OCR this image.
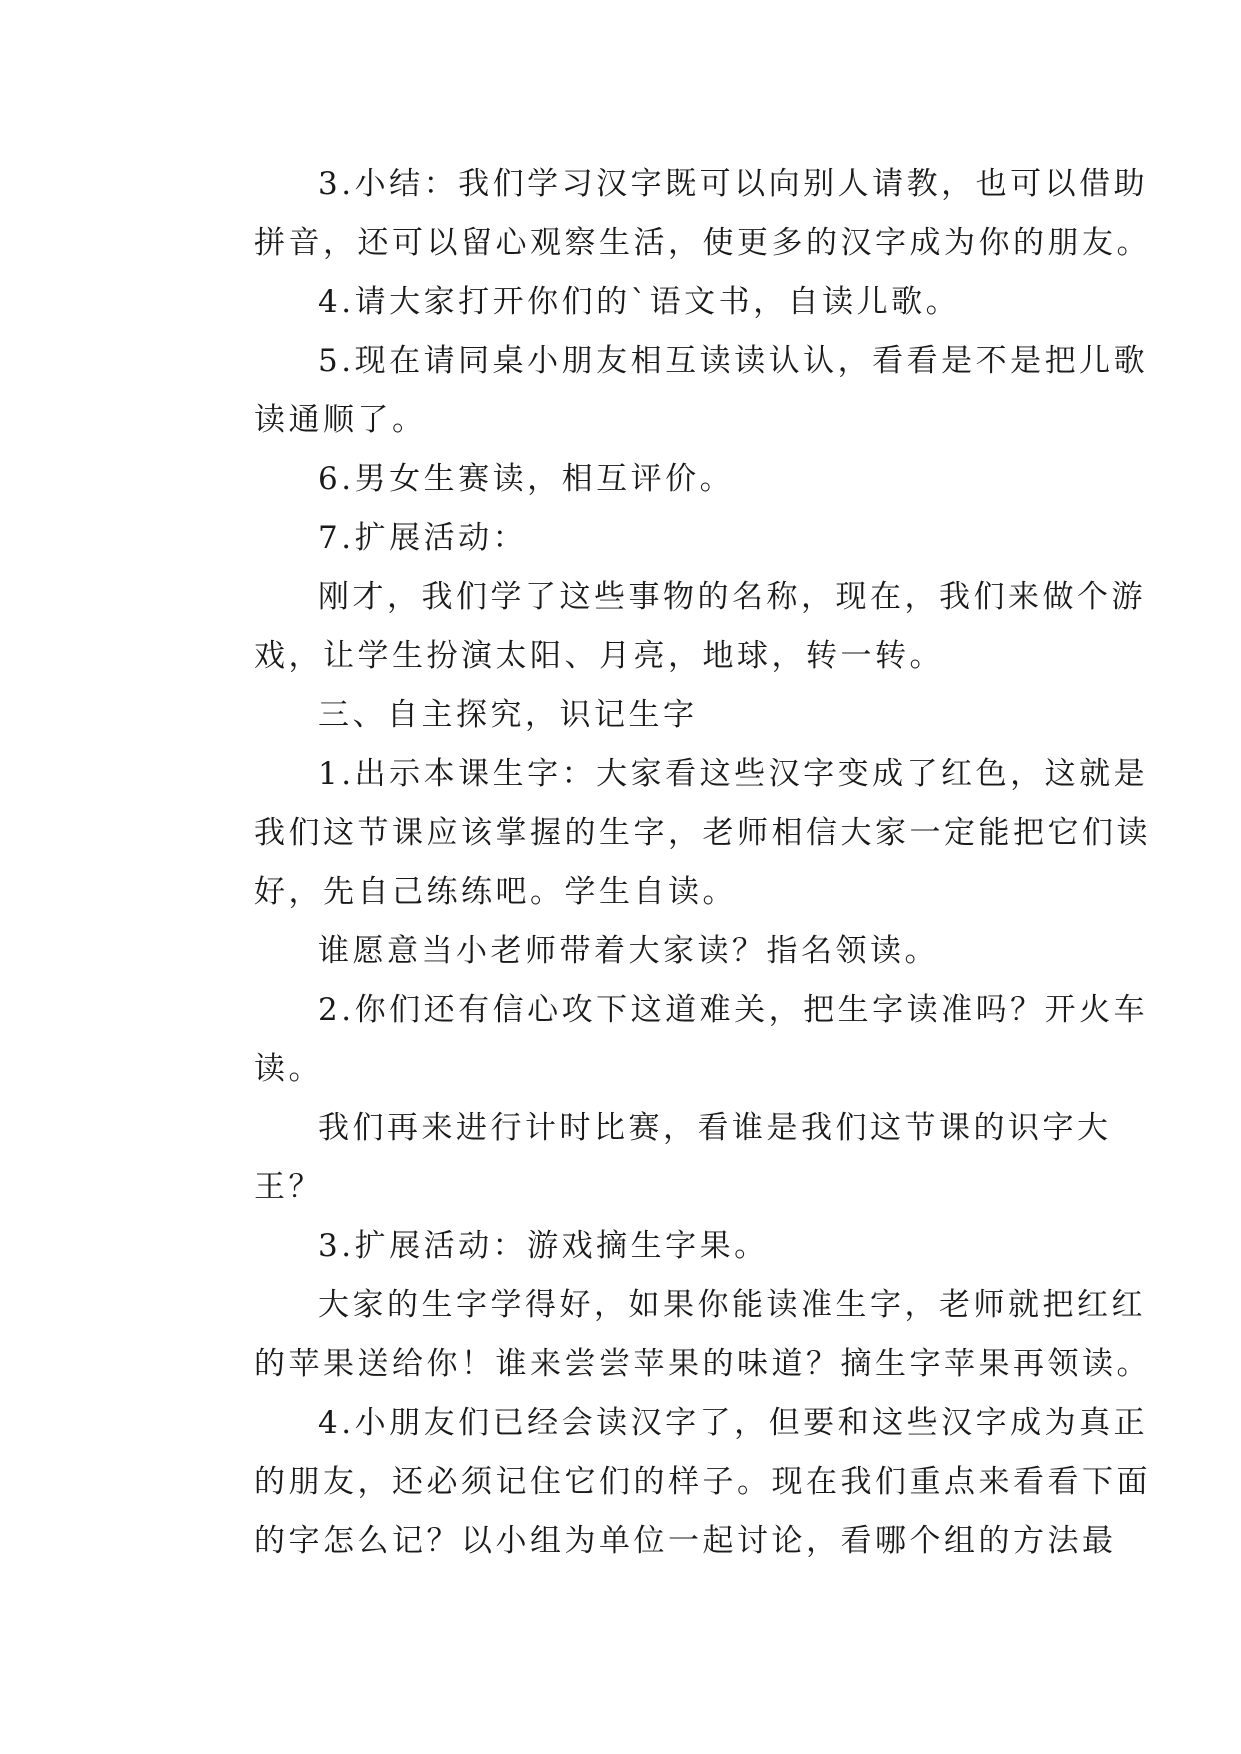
3.小结：我们学习汉字既可以向别人请教，也可以借助
拼音，还可以留心观察生活，使更多的汉字成为你的朋友。

4.请大家打开你们的`语文书，自读儿歌。

5.现在请同桌小朋友相互读读认认，看看是不是把儿歌
读通顺了。

6.男女生赛读，相互评价。

7.扩展活动：

刚才，我们学了这些事物的名称，现在，我们来做个游
戏，让学生扮演太阳、月亮，地球，转一转。

三、自主探究，识记生字

1.出示本课生字：大家看这些汉字变成了红色，这就是
我们这节课应该掌握的生字，老师相信大家一定能把它们读
好，先自己练练吧。学生自读。

谁愿意当小老师带着大家读？指名领读。

2.你们还有信心攻下这道难关，把生字读准吗？开火车
读。

我们再来进行计时比赛，看谁是我们这节课的识字大
王？

3.扩展活动：游戏摘生字果。

大家的生字学得好，如果你能读准生字，老师就把红红
的苹果送给你！谁来尝尝苹果的味道？摘生字苹果再领读。

4.小朋友们已经会读汉字了，但要和这些汉字成为真正
的朋友，还必须记住它们的样子。现在我们重点来看看下面
的字怎么记？以小组为单位一起讨论，看哪个组的方法最
